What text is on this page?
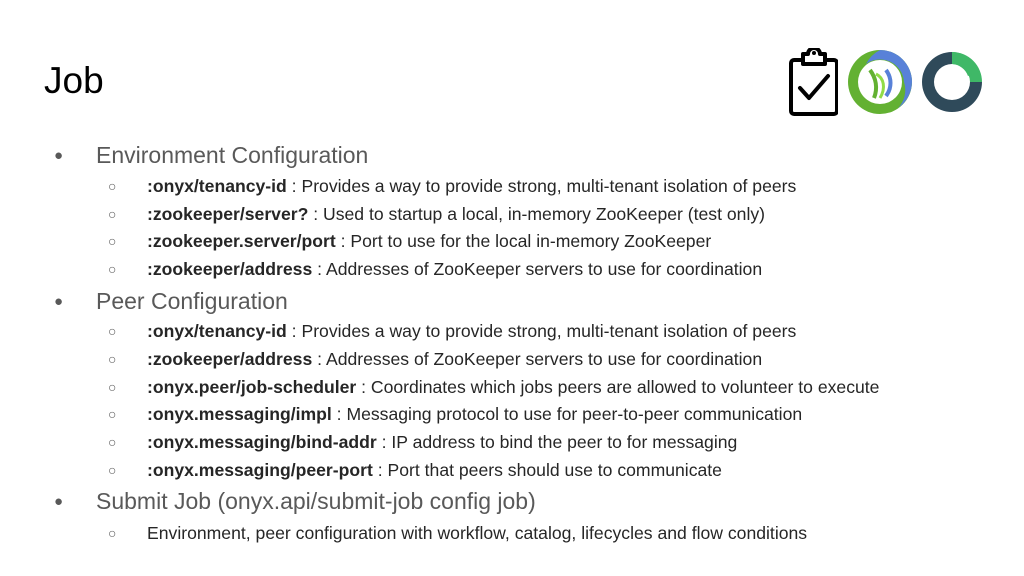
Job
● Environment Configuration
○ :onyx/tenancy-id : Provides a way to provide strong, multi-tenant isolation of peers
○ :zookeeper/server? : Used to startup a local, in-memory ZooKeeper (test only)
○ :zookeeper.server/port : Port to use for the local in-memory ZooKeeper
○ :zookeeper/address : Addresses of ZooKeeper servers to use for coordination
● Peer Configuration
○ :onyx/tenancy-id : Provides a way to provide strong, multi-tenant isolation of peers
○ :zookeeper/address : Addresses of ZooKeeper servers to use for coordination
○ :onyx.peer/job-scheduler : Coordinates which jobs peers are allowed to volunteer to execute
○ :onyx.messaging/impl : Messaging protocol to use for peer-to-peer communication
○ :onyx.messaging/bind-addr : IP address to bind the peer to for messaging
○ :onyx.messaging/peer-port : Port that peers should use to communicate
● Submit Job (onyx.api/submit-job config job)
○ Environment, peer configuration with workflow, catalog, lifecycles and flow conditions
